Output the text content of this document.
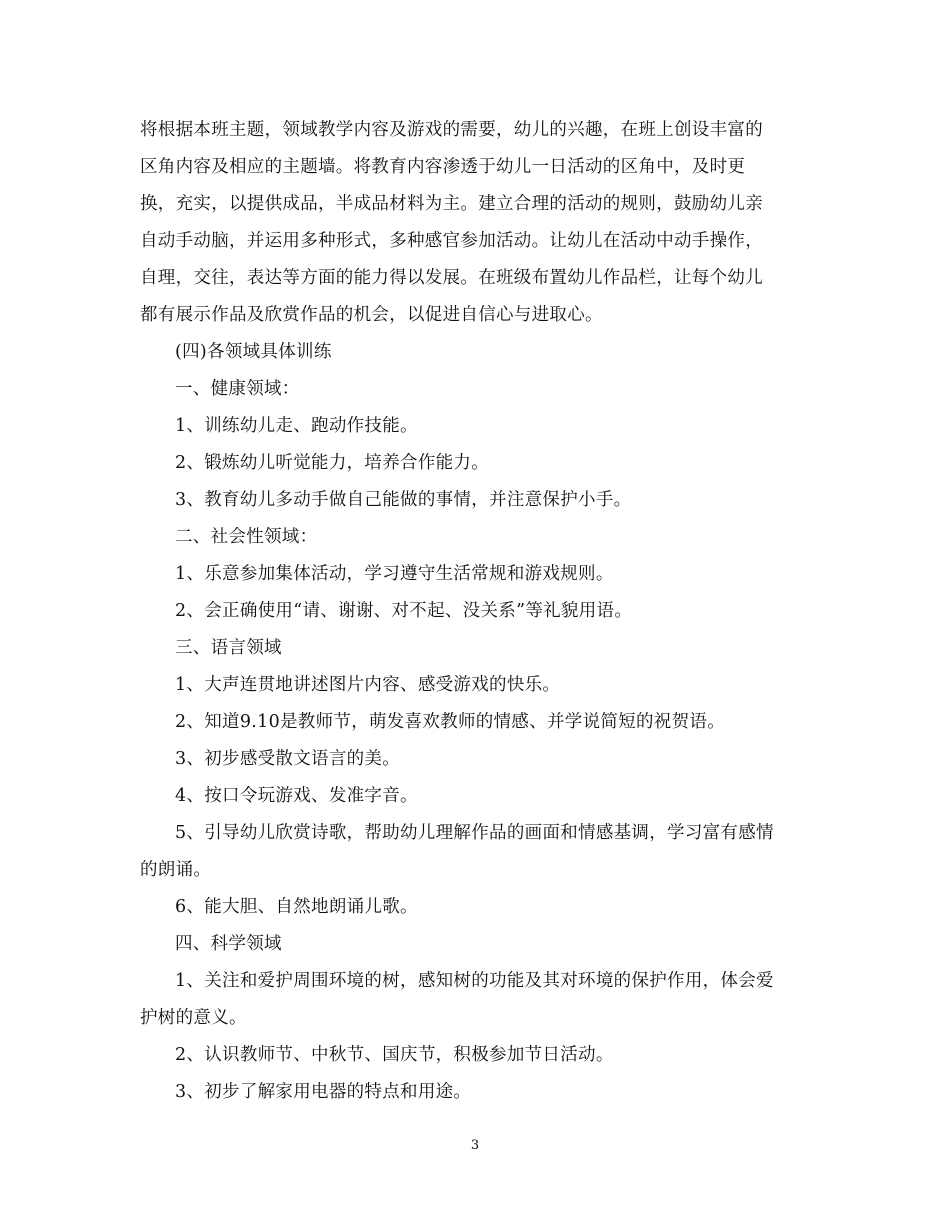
将根据本班主题，领域教学内容及游戏的需要，幼儿的兴趣，在班上创设丰富的

区角内容及相应的主题墙。将教育内容渗透于幼儿一日活动的区角中，及时更

换，充实，以提供成品，半成品材料为主。建立合理的活动的规则，鼓励幼儿亲

自动手动脑，并运用多种形式，多种感官参加活动。让幼儿在活动中动手操作，

自理，交往，表达等方面的能力得以发展。在班级布置幼儿作品栏，让每个幼儿

都有展示作品及欣赏作品的机会，以促进自信心与进取心。

(四)各领域具体训练

一、健康领域：

1、训练幼儿走、跑动作技能。

2、锻炼幼儿听觉能力，培养合作能力。

3、教育幼儿多动手做自己能做的事情，并注意保护小手。

二、社会性领域：

1、乐意参加集体活动，学习遵守生活常规和游戏规则。

2、会正确使用“请、谢谢、对不起、没关系”等礼貌用语。

三、语言领域

1、大声连贯地讲述图片内容、感受游戏的快乐。

2、知道9.10是教师节，萌发喜欢教师的情感、并学说简短的祝贺语。

3、初步感受散文语言的美。

4、按口令玩游戏、发准字音。

5、引导幼儿欣赏诗歌，帮助幼儿理解作品的画面和情感基调，学习富有感情

的朗诵。

6、能大胆、自然地朗诵儿歌。

四、科学领域

1、关注和爱护周围环境的树，感知树的功能及其对环境的保护作用，体会爱

护树的意义。

2、认识教师节、中秋节、国庆节，积极参加节日活动。

3、初步了解家用电器的特点和用途。

3
